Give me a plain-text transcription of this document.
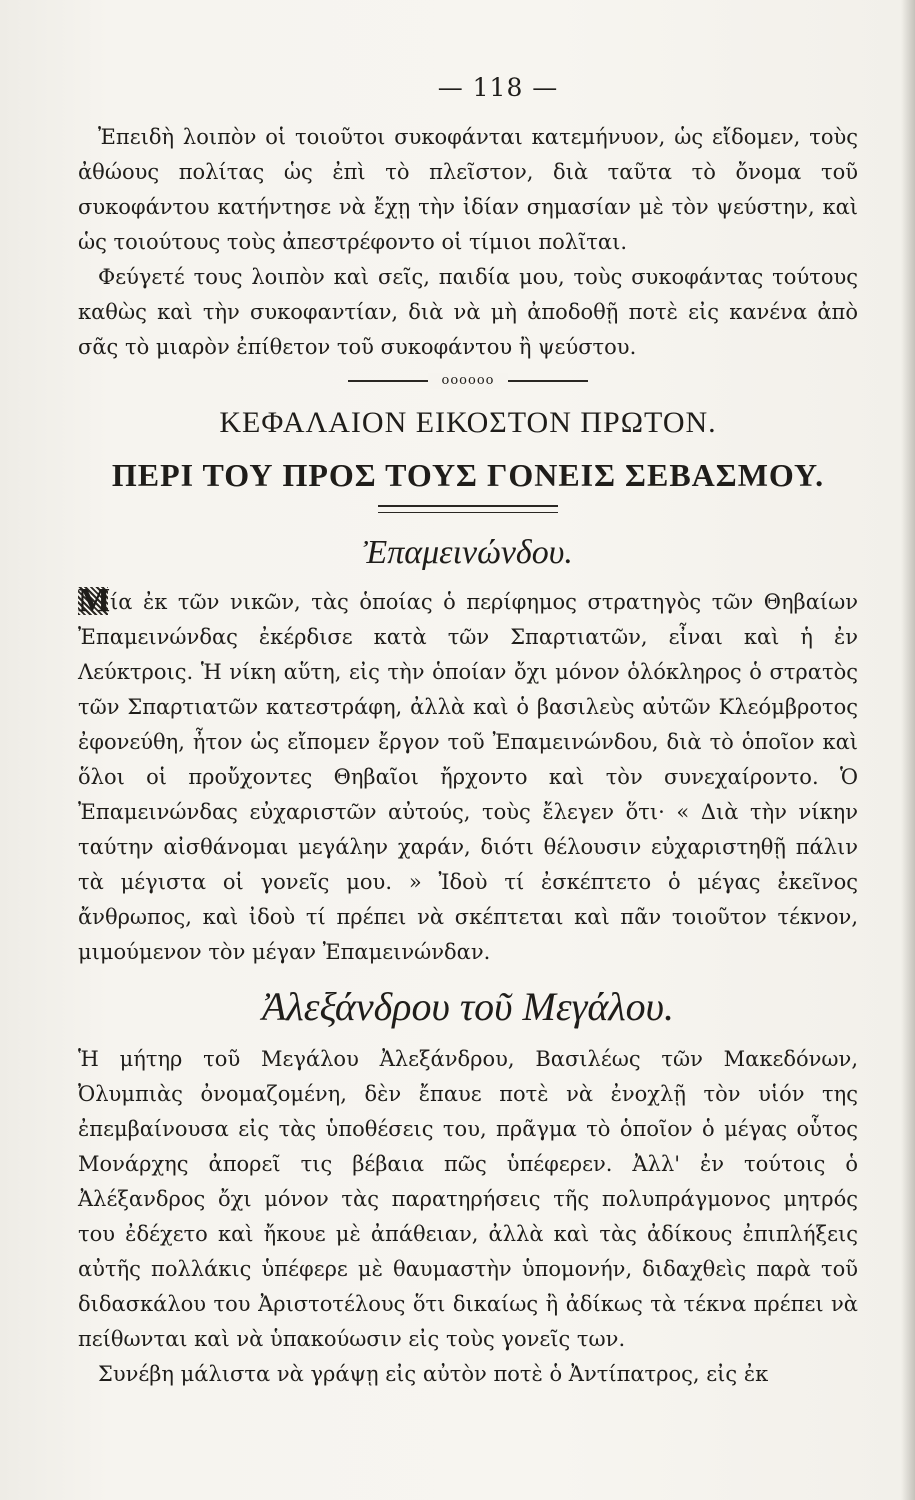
— 118 —

Ἐπειδὴ λοιπὸν οἱ τοιοῦτοι συκοφάνται κατεμήνυον, ὡς εἴδομεν, τοὺς ἀθώους πολίτας ὡς ἐπὶ τὸ πλεῖστον, διὰ ταῦτα τὸ ὄνομα τοῦ συκοφάντου κατήντησε νὰ ἔχῃ τὴν ἰδίαν σημασίαν μὲ τὸν ψεύστην, καὶ ὡς τοιούτους τοὺς ἀπεστρέφοντο οἱ τίμιοι πολῖται.

Φεύγετέ τους λοιπὸν καὶ σεῖς, παιδία μου, τοὺς συκοφάντας τούτους καθὼς καὶ τὴν συκοφαντίαν, διὰ νὰ μὴ ἀποδοθῇ ποτὲ εἰς κανένα ἀπὸ σᾶς τὸ μιαρὸν ἐπίθετον τοῦ συκοφάντου ἢ ψεύστου.

oooooo
ΚΕΦΑΛΑΙΟΝ ΕΙΚΟΣΤΟΝ ΠΡΩΤΟΝ.
ΠΕΡΙ ΤΟΥ ΠΡΟΣ ΤΟΥΣ ΓΟΝΕΙΣ ΣΕΒΑΣΜΟΥ.
Ἐπαμεινώνδου.

Μία ἐκ τῶν νικῶν, τὰς ὁποίας ὁ περίφημος στρατηγὸς τῶν Θηβαίων Ἐπαμεινώνδας ἐκέρδισε κατὰ τῶν Σπαρτιατῶν, εἶναι καὶ ἡ ἐν Λεύκτροις. Ἡ νίκη αὕτη, εἰς τὴν ὁποίαν ὄχι μόνον ὁλόκληρος ὁ στρατὸς τῶν Σπαρτιατῶν κατεστράφη, ἀλλὰ καὶ ὁ βασιλεὺς αὐτῶν Κλεόμβροτος ἐφονεύθη, ἦτον ὡς εἴπομεν ἔργον τοῦ Ἐπαμεινώνδου, διὰ τὸ ὁποῖον καὶ ὅλοι οἱ προὔχοντες Θηβαῖοι ἤρχοντο καὶ τὸν συνεχαίροντο. Ὁ Ἐπαμεινώνδας εὐχαριστῶν αὐτούς, τοὺς ἔλεγεν ὅτι· « Διὰ τὴν νίκην ταύτην αἰσθάνομαι μεγάλην χαράν, διότι θέλουσιν εὐχαριστηθῇ πάλιν τὰ μέγιστα οἱ γονεῖς μου. » Ἰδοὺ τί ἐσκέπτετο ὁ μέγας ἐκεῖνος ἄνθρωπος, καὶ ἰδοὺ τί πρέπει νὰ σκέπτεται καὶ πᾶν τοιοῦτον τέκνον, μιμούμενον τὸν μέγαν Ἐπαμεινώνδαν.

Ἀλεξάνδρου τοῦ Μεγάλου.

Ἡ μήτηρ τοῦ Μεγάλου Ἀλεξάνδρου, Βασιλέως τῶν Μακεδόνων, Ὀλυμπιὰς ὀνομαζομένη, δὲν ἔπαυε ποτὲ νὰ ἐνοχλῇ τὸν υἱόν της ἐπεμβαίνουσα εἰς τὰς ὑποθέσεις του, πρᾶγμα τὸ ὁποῖον ὁ μέγας οὗτος Μονάρχης ἀπορεῖ τις βέβαια πῶς ὑπέφερεν. Ἀλλ' ἐν τούτοις ὁ Ἀλέξανδρος ὄχι μόνον τὰς παρατηρήσεις τῆς πολυπράγμονος μητρός του ἐδέχετο καὶ ἤκουε μὲ ἀπάθειαν, ἀλλὰ καὶ τὰς ἀδίκους ἐπιπλήξεις αὐτῆς πολλάκις ὑπέφερε μὲ θαυμαστὴν ὑπομονήν, διδαχθεὶς παρὰ τοῦ διδασκάλου του Ἀριστοτέλους ὅτι δικαίως ἢ ἀδίκως τὰ τέκνα πρέπει νὰ πείθωνται καὶ νὰ ὑπακούωσιν εἰς τοὺς γονεῖς των.

Συνέβη μάλιστα νὰ γράψῃ εἰς αὐτὸν ποτὲ ὁ Ἀντίπατρος, εἰς ἐκ
